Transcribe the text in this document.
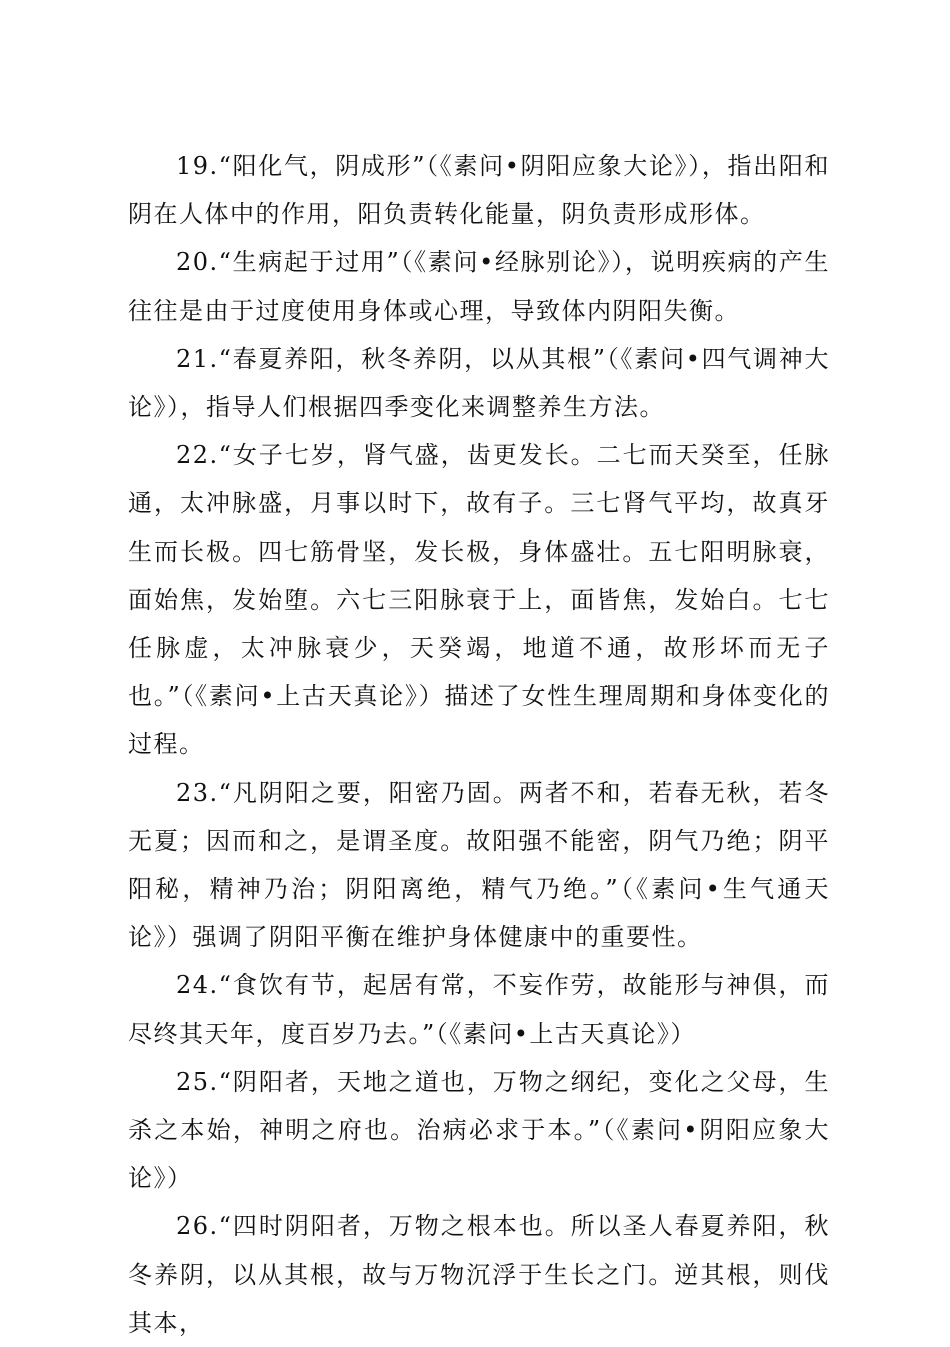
19.“阳化气，阴成形”（《素问•阴阳应象大论》），指出阳和阴在人体中的作用，阳负责转化能量，阴负责形成形体。

20.“生病起于过用”（《素问•经脉别论》），说明疾病的产生往往是由于过度使用身体或心理，导致体内阴阳失衡。

21.“春夏养阳，秋冬养阴，以从其根”（《素问•四气调神大论》），指导人们根据四季变化来调整养生方法。

22.“女子七岁，肾气盛，齿更发长。二七而天癸至，任脉通，太冲脉盛，月事以时下，故有子。三七肾气平均，故真牙生而长极。四七筋骨坚，发长极，身体盛壮。五七阳明脉衰，面始焦，发始堕。六七三阳脉衰于上，面皆焦，发始白。七七任脉虚，太冲脉衰少，天癸竭，地道不通，故形坏而无子也。”（《素问•上古天真论》）描述了女性生理周期和身体变化的过程。

23.“凡阴阳之要，阳密乃固。两者不和，若春无秋，若冬无夏；因而和之，是谓圣度。故阳强不能密，阴气乃绝；阴平阳秘，精神乃治；阴阳离绝，精气乃绝。”（《素问•生气通天论》）强调了阴阳平衡在维护身体健康中的重要性。

24.“食饮有节，起居有常，不妄作劳，故能形与神俱，而尽终其天年，度百岁乃去。”（《素问•上古天真论》）

25.“阴阳者，天地之道也，万物之纲纪，变化之父母，生杀之本始，神明之府也。治病必求于本。”（《素问•阴阳应象大论》）

26.“四时阴阳者，万物之根本也。所以圣人春夏养阳，秋冬养阴，以从其根，故与万物沉浮于生长之门。逆其根，则伐其本，
